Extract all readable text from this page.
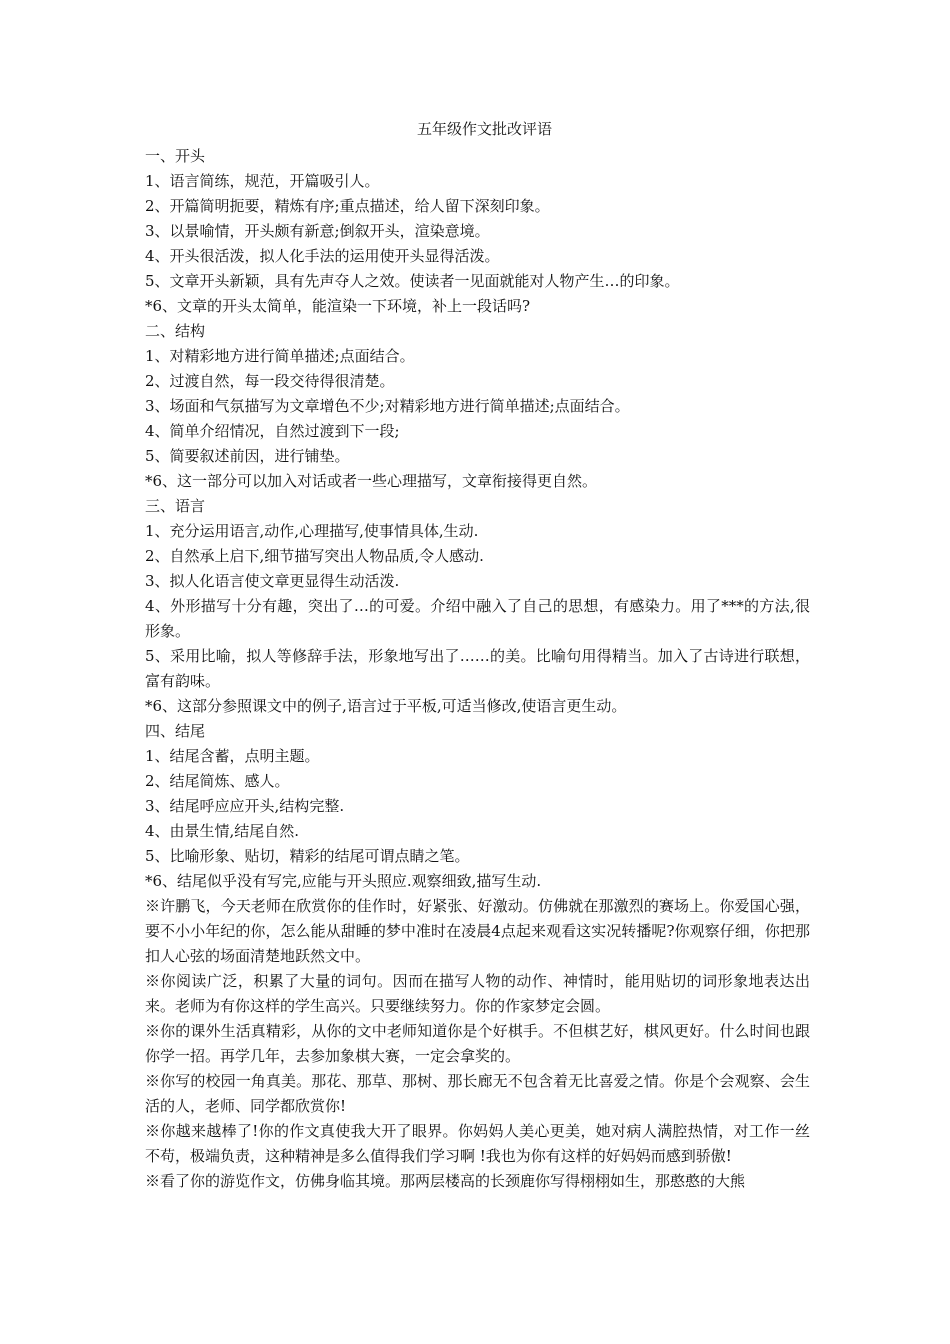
五年级作文批改评语
一、开头
1、语言简练，规范，开篇吸引人。
2、开篇简明扼要，精炼有序;重点描述，给人留下深刻印象。
3、以景喻情，开头颇有新意;倒叙开头，渲染意境。
4、开头很活泼，拟人化手法的运用使开头显得活泼。
5、文章开头新颖，具有先声夺人之效。使读者一见面就能对人物产生…的印象。
*6、文章的开头太简单，能渲染一下环境，补上一段话吗?
二、结构
1、对精彩地方进行简单描述;点面结合。
2、过渡自然，每一段交待得很清楚。
3、场面和气氛描写为文章增色不少;对精彩地方进行简单描述;点面结合。
4、简单介绍情况，自然过渡到下一段;
5、简要叙述前因，进行铺垫。
*6、这一部分可以加入对话或者一些心理描写，文章衔接得更自然。
三、语言
1、充分运用语言,动作,心理描写,使事情具体,生动.
2、自然承上启下,细节描写突出人物品质,令人感动.
3、拟人化语言使文章更显得生动活泼.
4、外形描写十分有趣，突出了…的可爱。介绍中融入了自己的思想，有感染力。用了***的方法,很形象。
5、采用比喻，拟人等修辞手法，形象地写出了……的美。比喻句用得精当。加入了古诗进行联想，富有韵味。
*6、这部分参照课文中的例子,语言过于平板,可适当修改,使语言更生动。
四、结尾
1、结尾含蓄，点明主题。
2、结尾简炼、感人。
3、结尾呼应应开头,结构完整.
4、由景生情,结尾自然.
5、比喻形象、贴切，精彩的结尾可谓点睛之笔。
*6、结尾似乎没有写完,应能与开头照应.观察细致,描写生动.
※许鹏飞，今天老师在欣赏你的佳作时，好紧张、好激动。仿佛就在那激烈的赛场上。你爱国心强，要不小小年纪的你，怎么能从甜睡的梦中准时在凌晨4点起来观看这实况转播呢?你观察仔细，你把那扣人心弦的场面清楚地跃然文中。
※你阅读广泛，积累了大量的词句。因而在描写人物的动作、神情时，能用贴切的词形象地表达出来。老师为有你这样的学生高兴。只要继续努力。你的作家梦定会圆。
※你的课外生活真精彩，从你的文中老师知道你是个好棋手。不但棋艺好，棋风更好。什么时间也跟你学一招。再学几年，去参加象棋大赛，一定会拿奖的。
※你写的校园一角真美。那花、那草、那树、那长廊无不包含着无比喜爱之情。你是个会观察、会生活的人，老师、同学都欣赏你!
※你越来越棒了!你的作文真使我大开了眼界。你妈妈人美心更美，她对病人满腔热情，对工作一丝不苟，极端负责，这种精神是多么值得我们学习啊 !我也为你有这样的好妈妈而感到骄傲!
※看了你的游览作文，仿佛身临其境。那两层楼高的长颈鹿你写得栩栩如生，那憨憨的大熊
